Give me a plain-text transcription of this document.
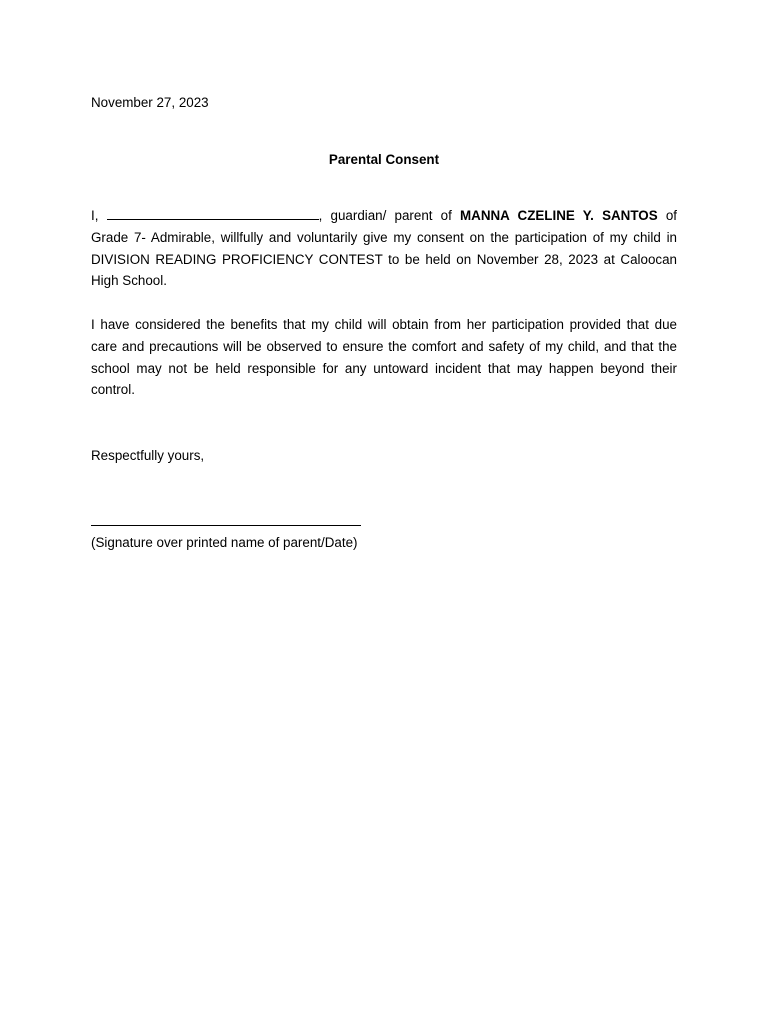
November 27, 2023
Parental Consent

I,	, guardian/ parent of MANNA CZELINE Y. SANTOS of Grade 7- Admirable, willfully and voluntarily give my consent on the participation of my child in DIVISION READING PROFICIENCY CONTEST to be held on November 28, 2023 at Caloocan High School.

I have considered the benefits that my child will obtain from her participation provided that due care and precautions will be observed to ensure the comfort and safety of my child, and that the school may not be held responsible for any untoward incident that may happen beyond their control.

Respectfully yours,
(Signature over printed name of parent/Date)
